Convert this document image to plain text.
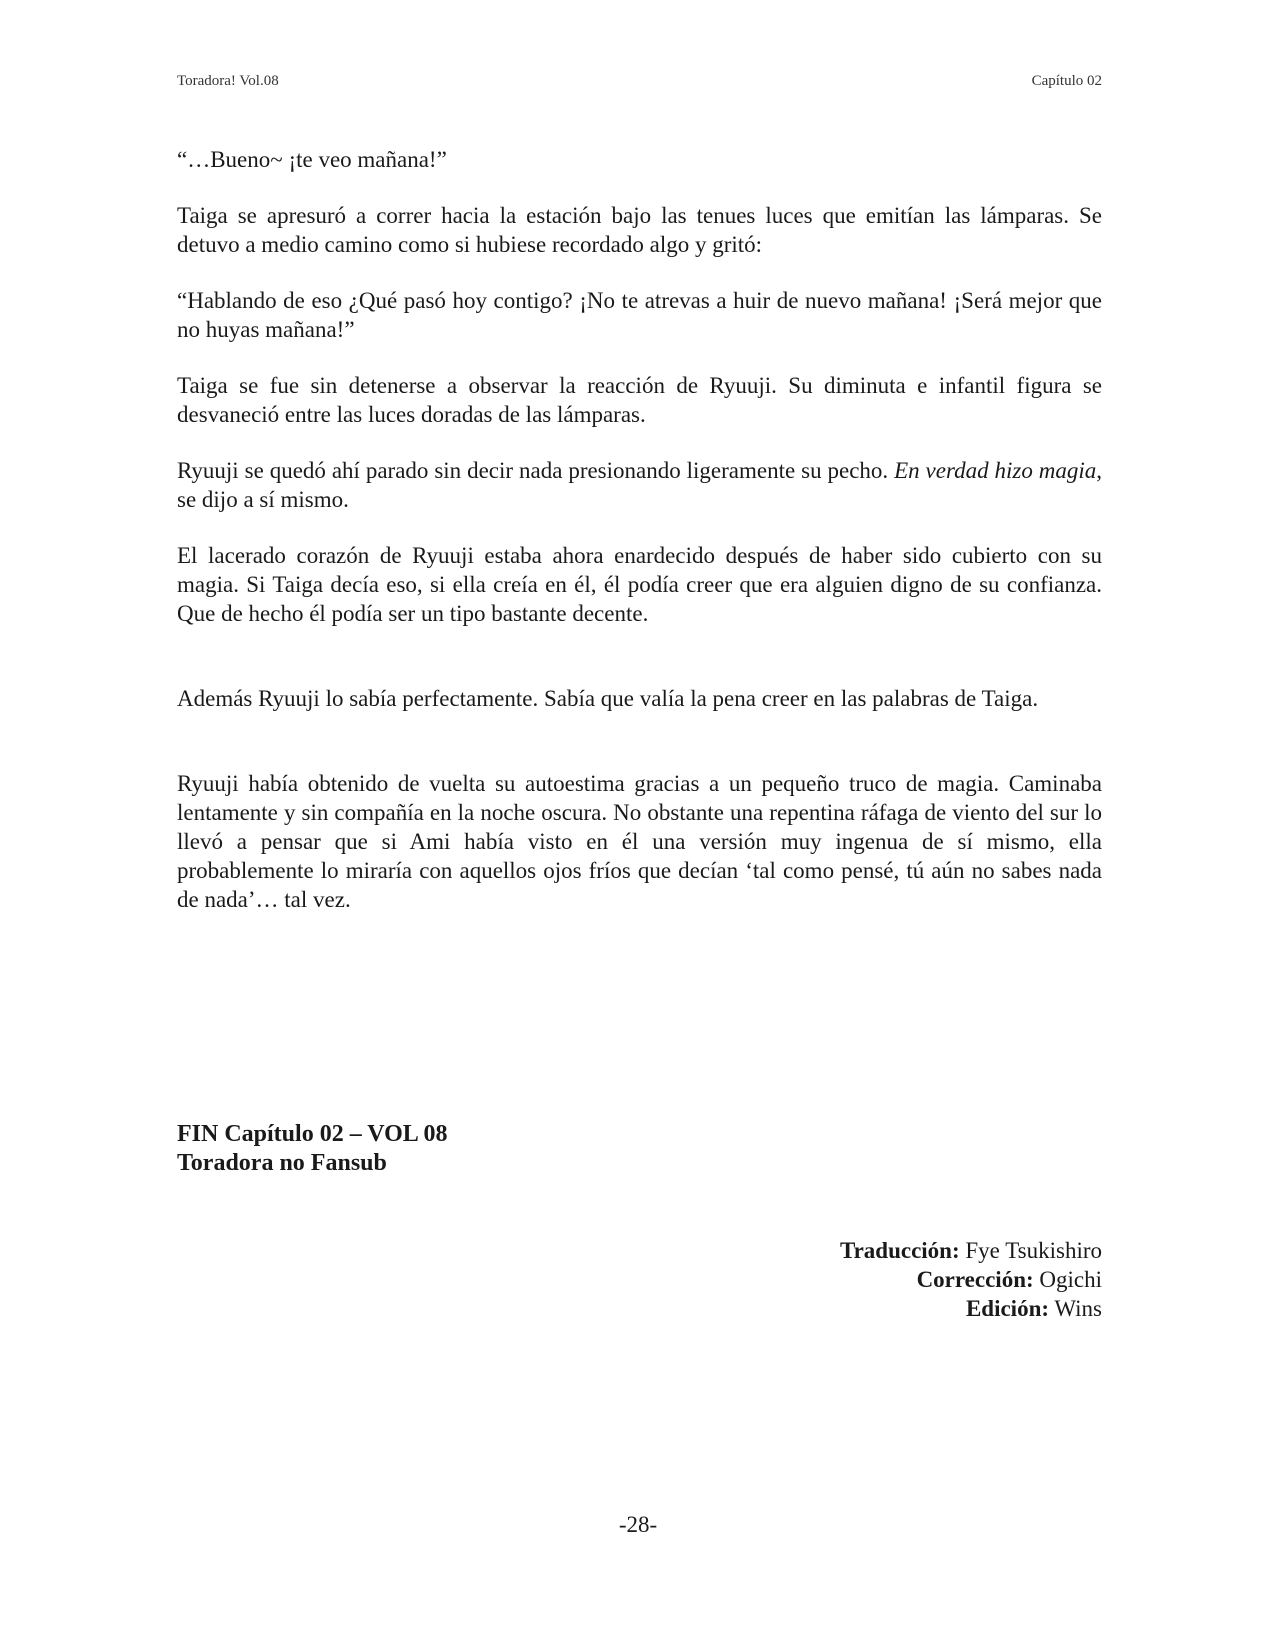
Toradora! Vol.08	Capítulo 02

“…Bueno~ ¡te veo mañana!”

Taiga se apresuró a correr hacia la estación bajo las tenues luces que emitían las lámparas. Se detuvo a medio camino como si hubiese recordado algo y gritó:

“Hablando de eso ¿Qué pasó hoy contigo? ¡No te atrevas a huir de nuevo mañana! ¡Será mejor que no huyas mañana!”

Taiga se fue sin detenerse a observar la reacción de Ryuuji. Su diminuta e infantil figura se desvaneció entre las luces doradas de las lámparas.

Ryuuji se quedó ahí parado sin decir nada presionando ligeramente su pecho. En verdad hizo magia, se dijo a sí mismo.

El lacerado corazón de Ryuuji estaba ahora enardecido después de haber sido cubierto con su magia. Si Taiga decía eso, si ella creía en él, él podía creer que era alguien digno de su confianza. Que de hecho él podía ser un tipo bastante decente.

Además Ryuuji lo sabía perfectamente. Sabía que valía la pena creer en las palabras de Taiga.

Ryuuji había obtenido de vuelta su autoestima gracias a un pequeño truco de magia. Caminaba lentamente y sin compañía en la noche oscura. No obstante una repentina ráfaga de viento del sur lo llevó a pensar que si Ami había visto en él una versión muy ingenua de sí mismo, ella probablemente lo miraría con aquellos ojos fríos que decían ‘tal como pensé, tú aún no sabes nada de nada’… tal vez.

FIN Capítulo 02 – VOL 08
Toradora no Fansub
Traducción: Fye Tsukishiro
Corrección: Ogichi
Edición: Wins
-28-
